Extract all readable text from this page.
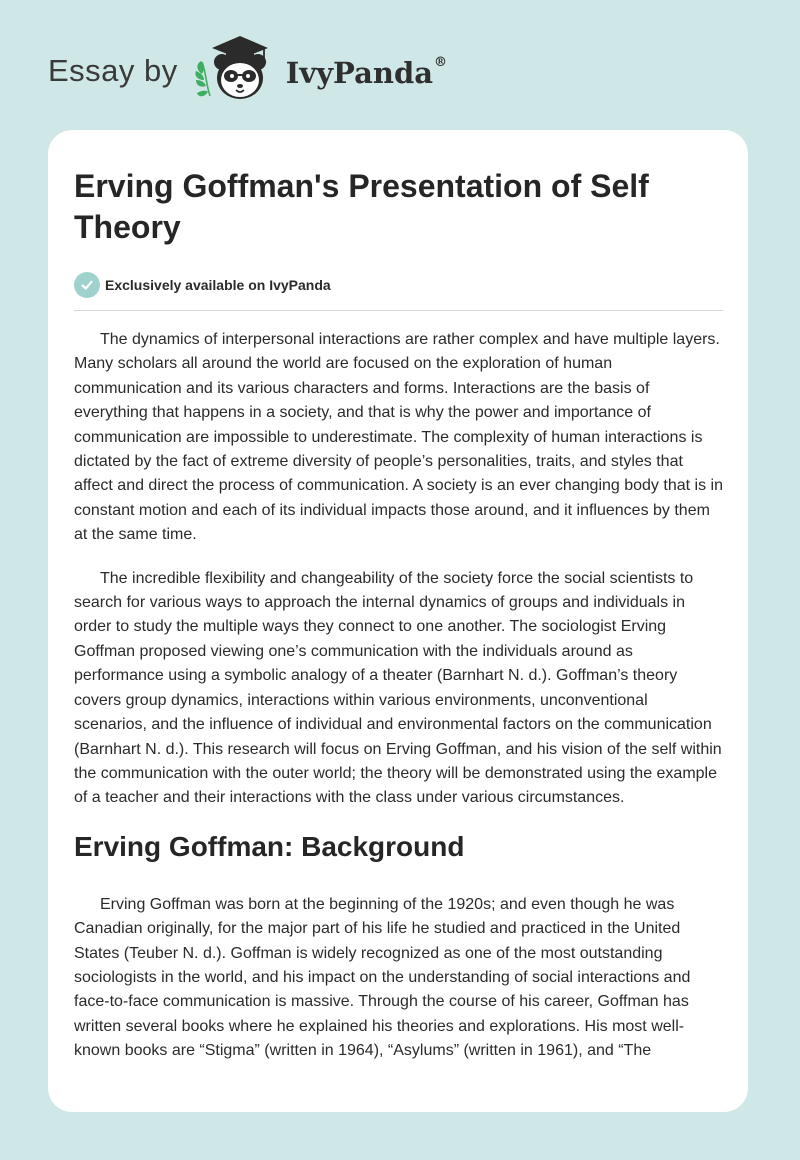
Essay by	IvyPanda®
Erving Goffman's Presentation of Self Theory
Exclusively available on IvyPanda

The dynamics of interpersonal interactions are rather complex and have multiple layers. Many scholars all around the world are focused on the exploration of human communication and its various characters and forms. Interactions are the basis of everything that happens in a society, and that is why the power and importance of communication are impossible to underestimate. The complexity of human interactions is dictated by the fact of extreme diversity of people’s personalities, traits, and styles that affect and direct the process of communication. A society is an ever changing body that is in constant motion and each of its individual impacts those around, and it influences by them at the same time.

The incredible flexibility and changeability of the society force the social scientists to search for various ways to approach the internal dynamics of groups and individuals in order to study the multiple ways they connect to one another. The sociologist Erving Goffman proposed viewing one’s communication with the individuals around as performance using a symbolic analogy of a theater (Barnhart N. d.). Goffman’s theory covers group dynamics, interactions within various environments, unconventional scenarios, and the influence of individual and environmental factors on the communication (Barnhart N. d.). This research will focus on Erving Goffman, and his vision of the self within the communication with the outer world; the theory will be demonstrated using the example of a teacher and their interactions with the class under various circumstances.

Erving Goffman: Background

Erving Goffman was born at the beginning of the 1920s; and even though he was Canadian originally, for the major part of his life he studied and practiced in the United States (Teuber N. d.). Goffman is widely recognized as one of the most outstanding sociologists in the world, and his impact on the understanding of social interactions and face-to-face communication is massive. Through the course of his career, Goffman has written several books where he explained his theories and explorations. His most well-known books are “Stigma” (written in 1964), “Asylums” (written in 1961), and “The
